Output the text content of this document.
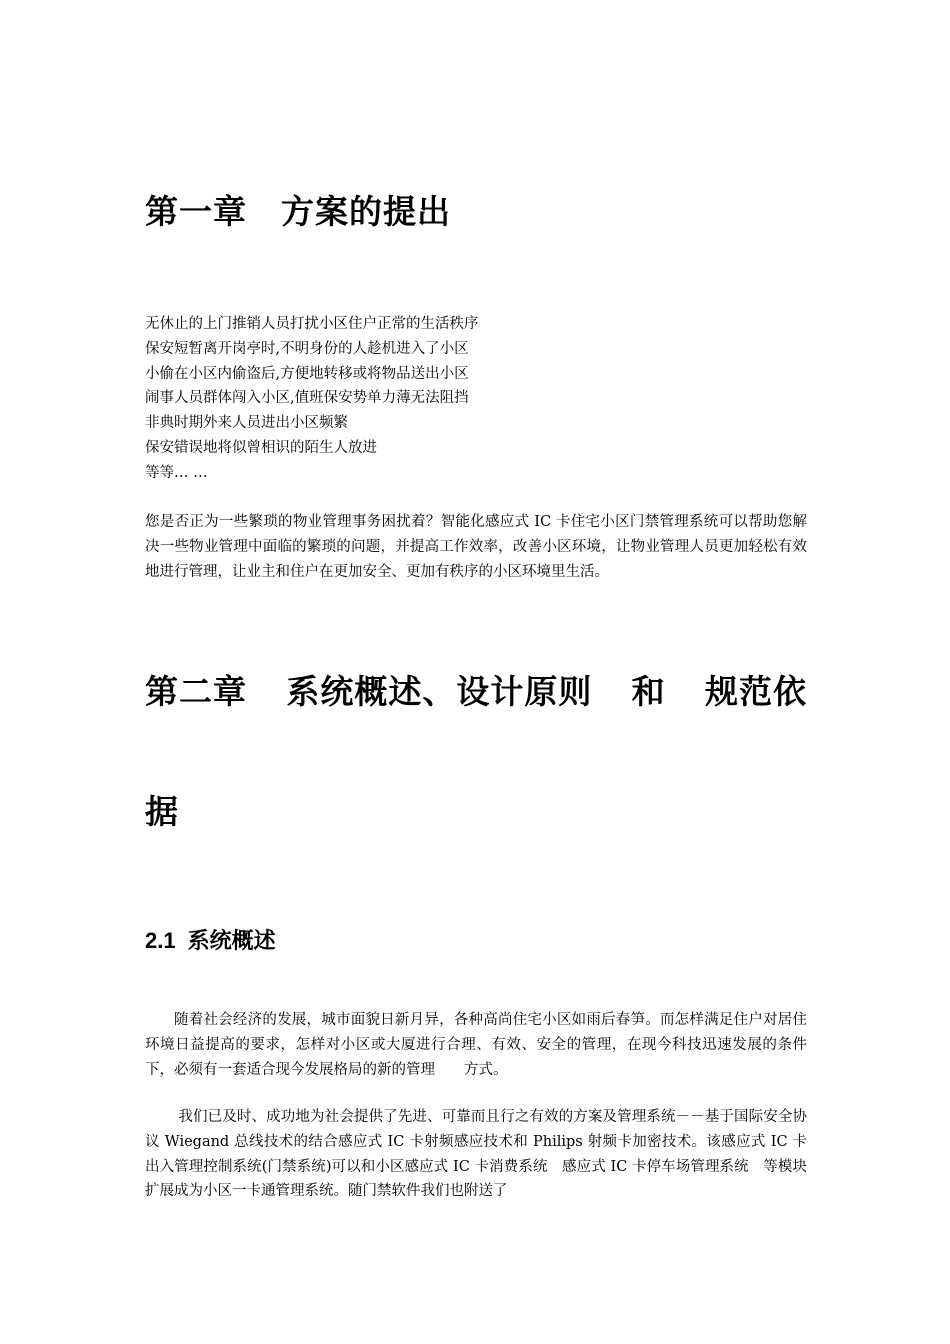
第一章 方案的提出
无休止的上门推销人员打扰小区住户正常的生活秩序
保安短暂离开岗亭时,不明身份的人趁机进入了小区
小偷在小区内偷盗后,方便地转移或将物品送出小区
闹事人员群体闯入小区,值班保安势单力薄无法阻挡
非典时期外来人员进出小区频繁
保安错误地将似曾相识的陌生人放进
等等… …

您是否正为一些繁琐的物业管理事务困扰着？智能化感应式 IC 卡住宅小区门禁管理系统可以帮助您解决一些物业管理中面临的繁琐的问题，并提高工作效率，改善小区环境，让物业管理人员更加轻松有效地进行管理，让业主和住户在更加安全、更加有秩序的小区环境里生活。

第二章 系统概述、设计原则 和 规范依
据
2.1 系统概述

随着社会经济的发展，城市面貌日新月异，各种高尚住宅小区如雨后春笋。而怎样满足住户对居住环境日益提高的要求，怎样对小区或大厦进行合理、有效、安全的管理，在现今科技迅速发展的条件下，必须有一套适合现今发展格局的新的管理　　方式。

我们已及时、成功地为社会提供了先进、可靠而且行之有效的方案及管理系统－－基于国际安全协议 Wiegand 总线技术的结合感应式 IC 卡射频感应技术和 Philips 射频卡加密技术。该感应式 IC 卡出入管理控制系统(门禁系统)可以和小区感应式 IC 卡消费系统　感应式 IC 卡停车场管理系统　等模块扩展成为小区一卡通管理系统。随门禁软件我们也附送了
